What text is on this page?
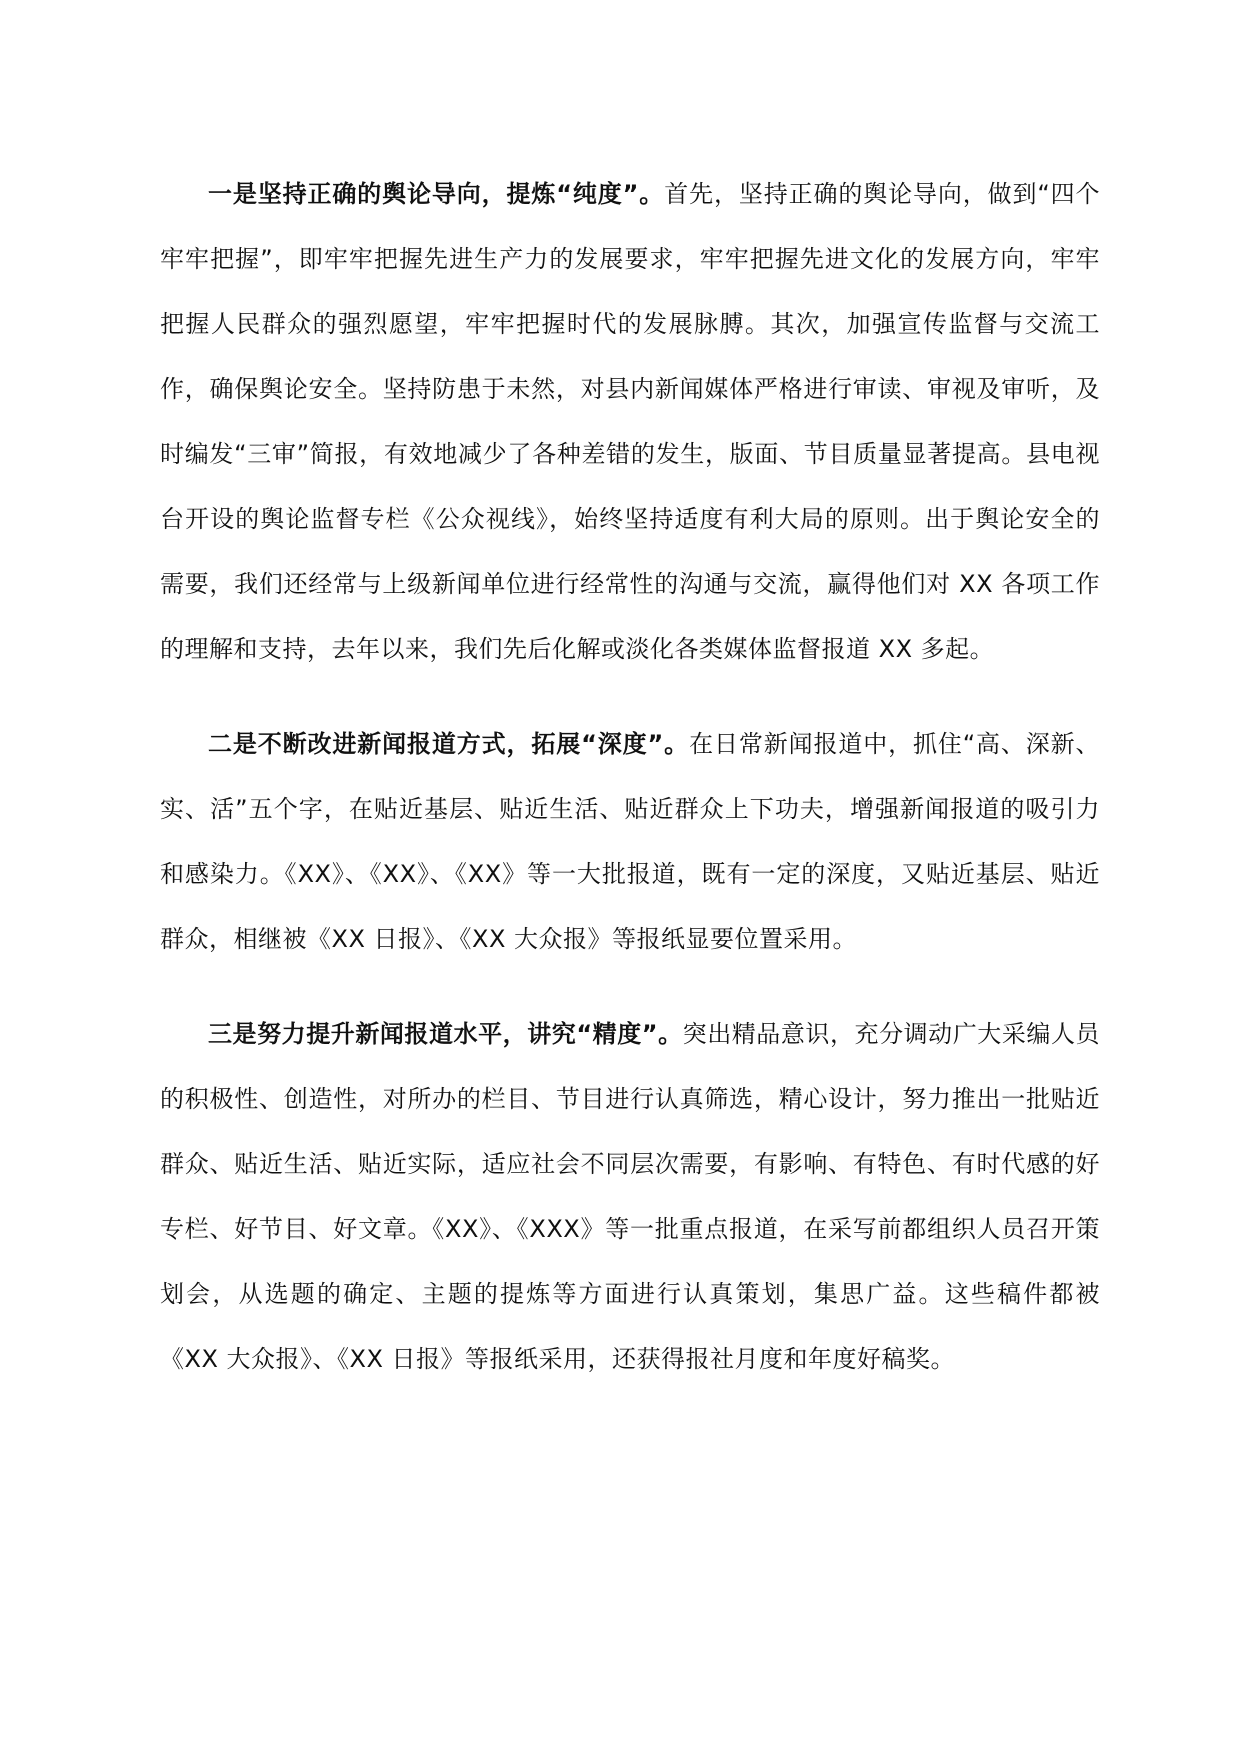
一是坚持正确的舆论导向，提炼“纯度”。首先，坚持正确的舆论导向，做到“四个牢牢把握”，即牢牢把握先进生产力的发展要求，牢牢把握先进文化的发展方向，牢牢把握人民群众的强烈愿望，牢牢把握时代的发展脉膊。其次，加强宣传监督与交流工作，确保舆论安全。坚持防患于未然，对县内新闻媒体严格进行审读、审视及审听，及时编发“三审”简报，有效地减少了各种差错的发生，版面、节目质量显著提高。县电视台开设的舆论监督专栏《公众视线》，始终坚持适度有利大局的原则。出于舆论安全的需要，我们还经常与上级新闻单位进行经常性的沟通与交流，赢得他们对 XX 各项工作的理解和支持，去年以来，我们先后化解或淡化各类媒体监督报道 XX 多起。

二是不断改进新闻报道方式，拓展“深度”。在日常新闻报道中，抓住“高、深新、实、活”五个字，在贴近基层、贴近生活、贴近群众上下功夫，增强新闻报道的吸引力和感染力。《XX》、《XX》、《XX》等一大批报道，既有一定的深度，又贴近基层、贴近群众，相继被《XX 日报》、《XX 大众报》等报纸显要位置采用。

三是努力提升新闻报道水平，讲究“精度”。突出精品意识，充分调动广大采编人员的积极性、创造性，对所办的栏目、节目进行认真筛选，精心设计，努力推出一批贴近群众、贴近生活、贴近实际，适应社会不同层次需要，有影响、有特色、有时代感的好专栏、好节目、好文章。《XX》、《XXX》等一批重点报道，在采写前都组织人员召开策划会，从选题的确定、主题的提炼等方面进行认真策划，集思广益。这些稿件都被《XX 大众报》、《XX 日报》等报纸采用，还获得报社月度和年度好稿奖。
